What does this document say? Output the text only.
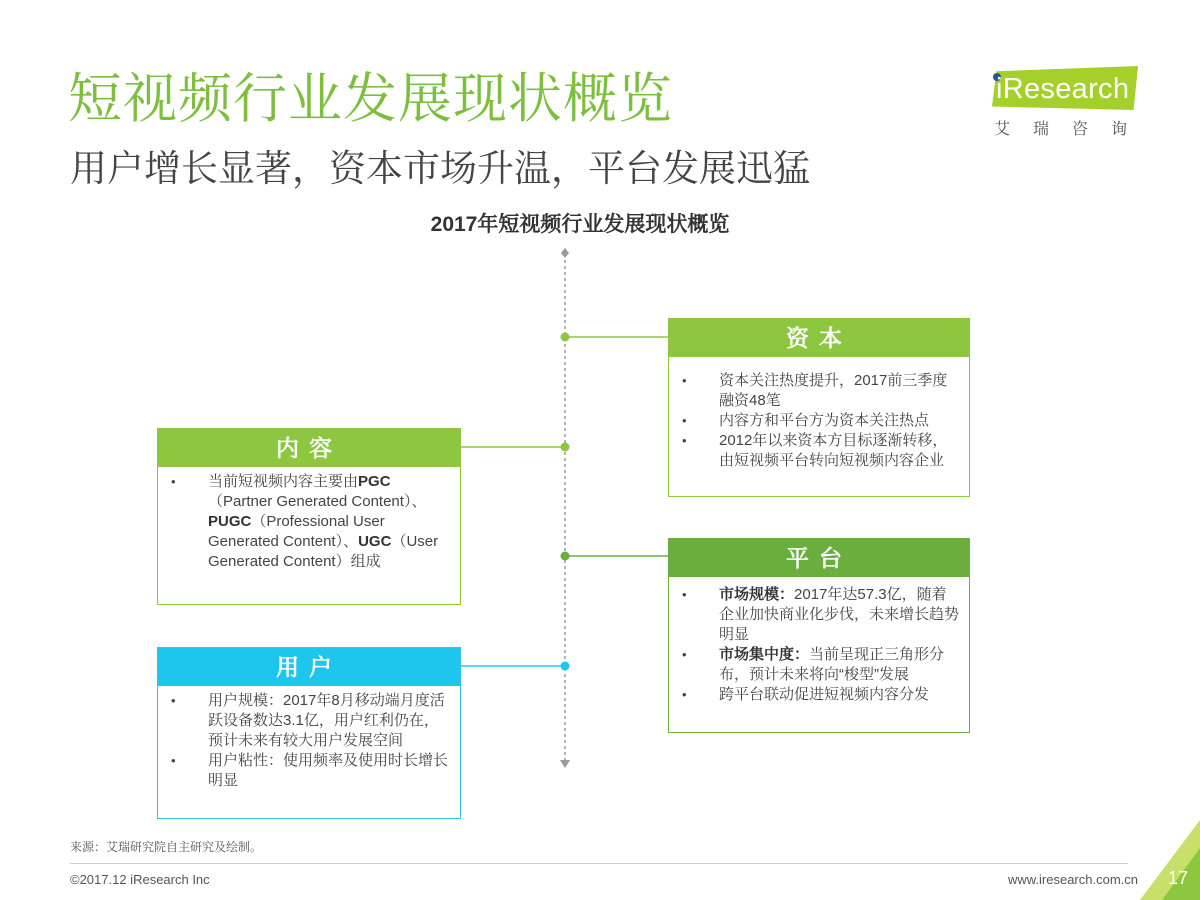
短视频行业发展现状概览
用户增长显著，资本市场升温，平台发展迅猛
iResearch
艾瑞咨询
2017年短视频行业发展现状概览
资本
• 资本关注热度提升，2017前三季度融资48笔
• 内容方和平台方为资本关注热点
• 2012年以来资本方目标逐渐转移，由短视频平台转向短视频内容企业
内容
• 当前短视频内容主要由PGC（Partner Generated Content）、PUGC（Professional User Generated Content）、UGC（User Generated Content）组成	平台
• 市场规模：2017年达57.3亿，随着企业加快商业化步伐，未来增长趋势明显
• 市场集中度：当前呈现正三角形分布，预计未来将向“梭型”发展
• 跨平台联动促进短视频内容分发
用户
• 用户规模：2017年8月移动端月度活跃设备数达3.1亿，用户红利仍在，预计未来有较大用户发展空间
• 用户粘性：使用频率及使用时长增长明显
来源：艾瑞研究院自主研究及绘制。
©2017.12 iResearch Inc	www.iresearch.com.cn 17
